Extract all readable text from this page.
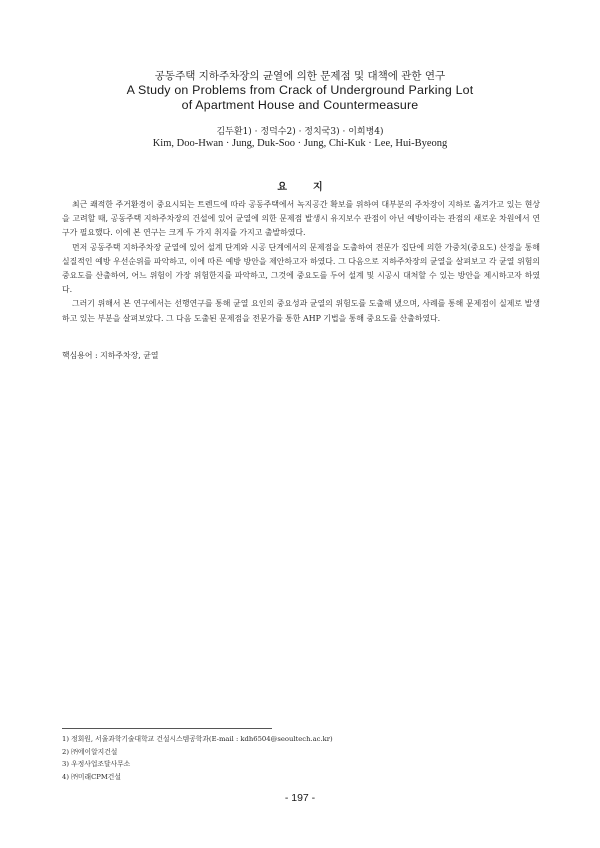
공동주택 지하주차장의 균열에 의한 문제점 및 대책에 관한 연구
A Study on Problems from Crack of Underground Parking Lot
of Apartment House and Countermeasure
김두환1) · 정덕수2) · 정치국3) · 이희병4)
Kim, Doo-Hwan · Jung, Duk-Soo · Jung, Chi-Kuk · Lee, Hui-Byeong
요지

최근 쾌적한 주거환경이 중요시되는 트렌드에 따라 공동주택에서 녹지공간 확보를 위하여 대부분의 주차장이 지하로 옮겨가고 있는 현상을 고려할 때, 공동주택 지하주차장의 건설에 있어 균열에 의한 문제점 발생시 유지보수 관점이 아닌 예방이라는 관점의 새로운 차원에서 연구가 필요했다. 이에 본 연구는 크게 두 가지 취지를 가지고 출발하였다.

먼저 공동주택 지하주차장 균열에 있어 설계 단계와 시공 단계에서의 문제점을 도출하여 전문가 집단에 의한 가중치(중요도) 산정을 통해 실질적인 예방 우선순위를 파악하고, 이에 따른 예방 방안을 제안하고자 하였다. 그 다음으로 지하주차장의 균열을 살펴보고 각 균열 위험의 중요도를 산출하여, 어느 위험이 가장 위험한지를 파악하고, 그것에 중요도를 두어 설계 및 시공시 대처할 수 있는 방안을 제시하고자 하였다.

그러기 위해서 본 연구에서는 선행연구를 통해 균열 요인의 중요성과 균열의 위험도를 도출해 냈으며, 사례를 통해 문제점이 실제로 발생하고 있는 부분을 살펴보았다. 그 다음 도출된 문제점을 전문가를 통한 AHP 기법을 통해 중요도를 산출하였다.

핵심용어 : 지하주차장, 균열
1) 정회원, 서울과학기술대학교 건설시스템공학과(E-mail : kdh6504@seoultech.ac.kr)
2) ㈜에이알지건설
3) 우정사업조달사무소
4) ㈜미래CPM건설
- 197 -
